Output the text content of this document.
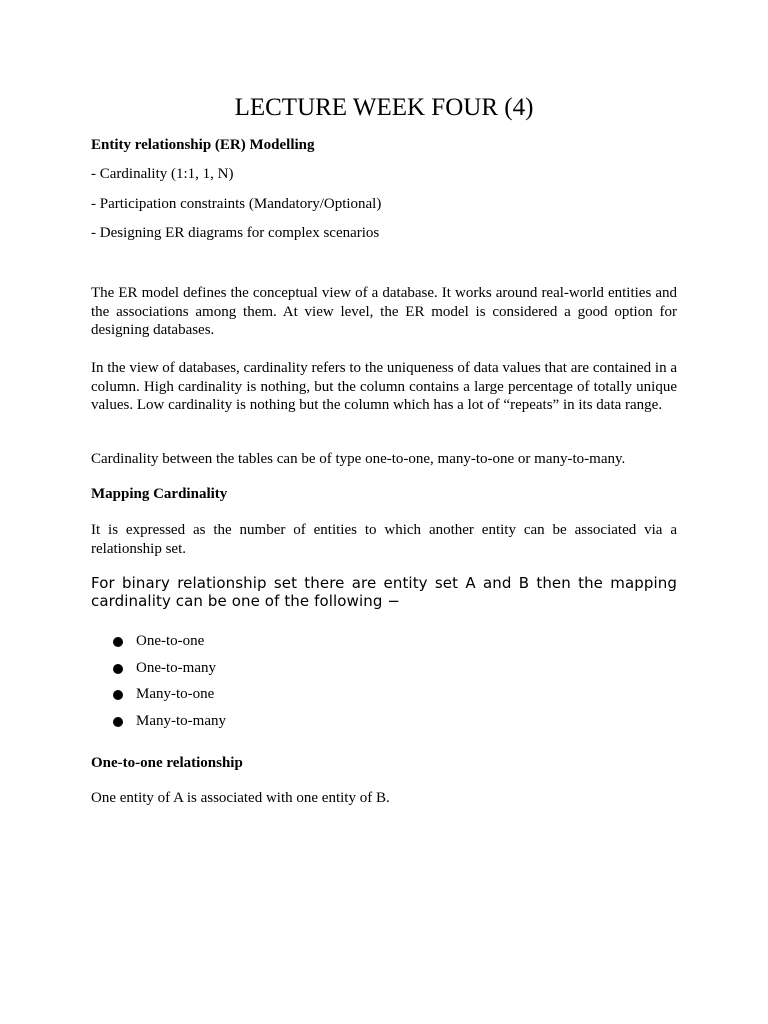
LECTURE WEEK FOUR (4)

Entity relationship (ER) Modelling

- Cardinality (1:1, 1, N)

- Participation constraints (Mandatory/Optional)

- Designing ER diagrams for complex scenarios

The ER model defines the conceptual view of a database. It works around real-world entities and the associations among them. At view level, the ER model is considered a good option for designing databases.

In the view of databases, cardinality refers to the uniqueness of data values that are contained in a column. High cardinality is nothing, but the column contains a large percentage of totally unique values. Low cardinality is nothing but the column which has a lot of “repeats” in its data range.

Cardinality between the tables can be of type one-to-one, many-to-one or many-to-many.

Mapping Cardinality

It is expressed as the number of entities to which another entity can be associated via a relationship set.

For binary relationship set there are entity set A and B then the mapping cardinality can be one of the following −

One-to-one
One-to-many
Many-to-one
Many-to-many

One-to-one relationship

One entity of A is associated with one entity of B.
